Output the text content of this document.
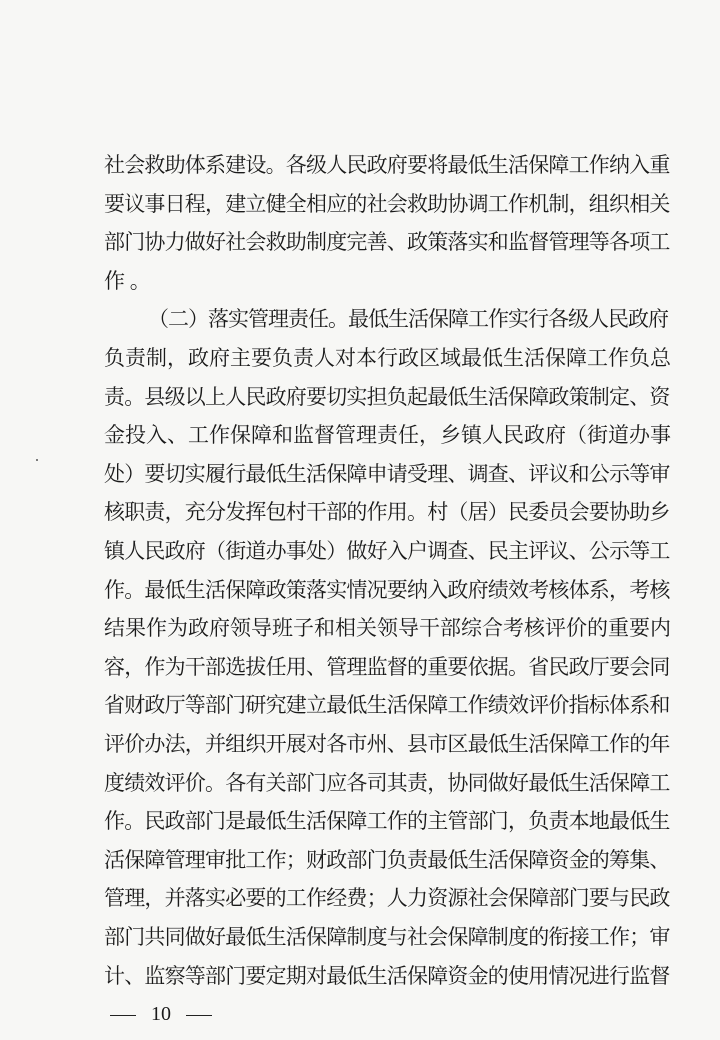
社会救助体系建设。各级人民政府要将最低生活保障工作纳入重
要议事日程，建立健全相应的社会救助协调工作机制，组织相关
部门协力做好社会救助制度完善、政策落实和监督管理等各项工
作。
（二）落实管理责任。最低生活保障工作实行各级人民政府
负责制，政府主要负责人对本行政区域最低生活保障工作负总
责。县级以上人民政府要切实担负起最低生活保障政策制定、资
金投入、工作保障和监督管理责任，乡镇人民政府（街道办事
处）要切实履行最低生活保障申请受理、调查、评议和公示等审
核职责，充分发挥包村干部的作用。村（居）民委员会要协助乡
镇人民政府（街道办事处）做好入户调查、民主评议、公示等工
作。最低生活保障政策落实情况要纳入政府绩效考核体系，考核
结果作为政府领导班子和相关领导干部综合考核评价的重要内
容，作为干部选拔任用、管理监督的重要依据。省民政厅要会同
省财政厅等部门研究建立最低生活保障工作绩效评价指标体系和
评价办法，并组织开展对各市州、县市区最低生活保障工作的年
度绩效评价。各有关部门应各司其责，协同做好最低生活保障工
作。民政部门是最低生活保障工作的主管部门，负责本地最低生
活保障管理审批工作；财政部门负责最低生活保障资金的筹集、
管理，并落实必要的工作经费；人力资源社会保障部门要与民政
部门共同做好最低生活保障制度与社会保障制度的衔接工作；审
计、监察等部门要定期对最低生活保障资金的使用情况进行监督
10
